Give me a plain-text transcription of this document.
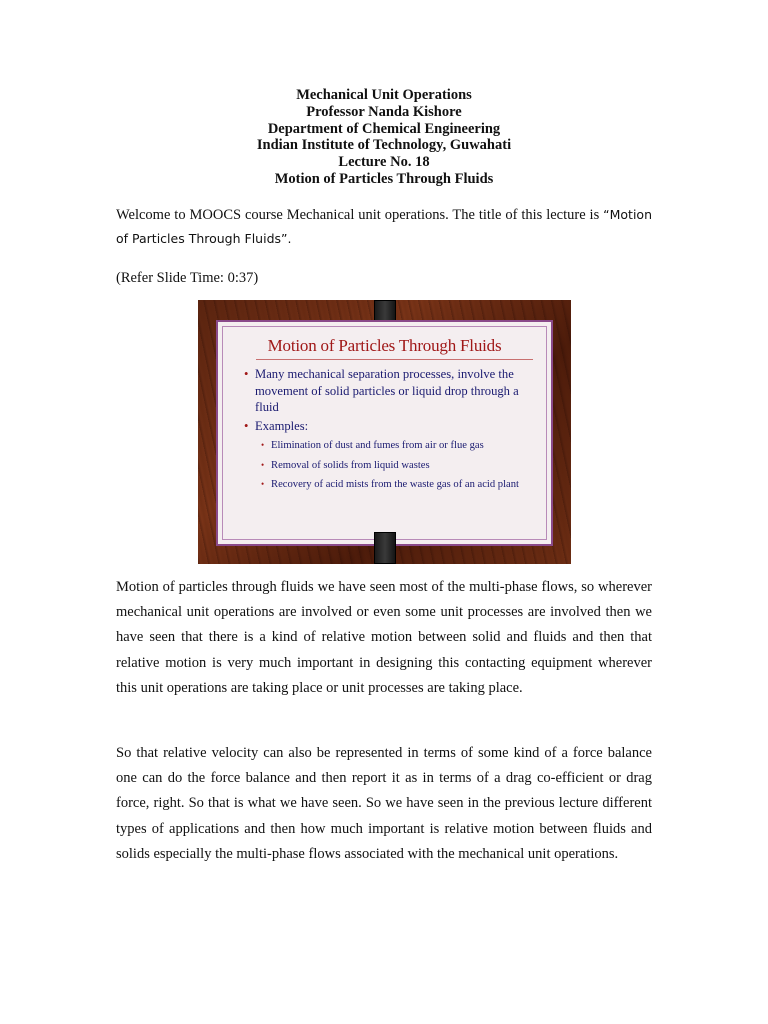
Mechanical Unit Operations
Professor Nanda Kishore
Department of Chemical Engineering
Indian Institute of Technology, Guwahati
Lecture No. 18
Motion of Particles Through Fluids
Welcome to MOOCS course Mechanical unit operations. The title of this lecture is “Motion of Particles Through Fluids”.
(Refer Slide Time: 0:37)
Motion of Particles Through Fluids
• Many mechanical separation processes, involve the movement of solid particles or liquid drop through a fluid
• Examples:
• Elimination of dust and fumes from air or flue gas
• Removal of solids from liquid wastes
• Recovery of acid mists from the waste gas of an acid plant
Motion of particles through fluids we have seen most of the multi-phase flows, so wherever mechanical unit operations are involved or even some unit processes are involved then we have seen that there is a kind of relative motion between solid and fluids and then that relative motion is very much important in designing this contacting equipment wherever this unit operations are taking place or unit processes are taking place.
So that relative velocity can also be represented in terms of some kind of a force balance one can do the force balance and then report it as in terms of a drag co-efficient or drag force, right. So that is what we have seen. So we have seen in the previous lecture different types of applications and then how much important is relative motion between fluids and solids especially the multi-phase flows associated with the mechanical unit operations.
